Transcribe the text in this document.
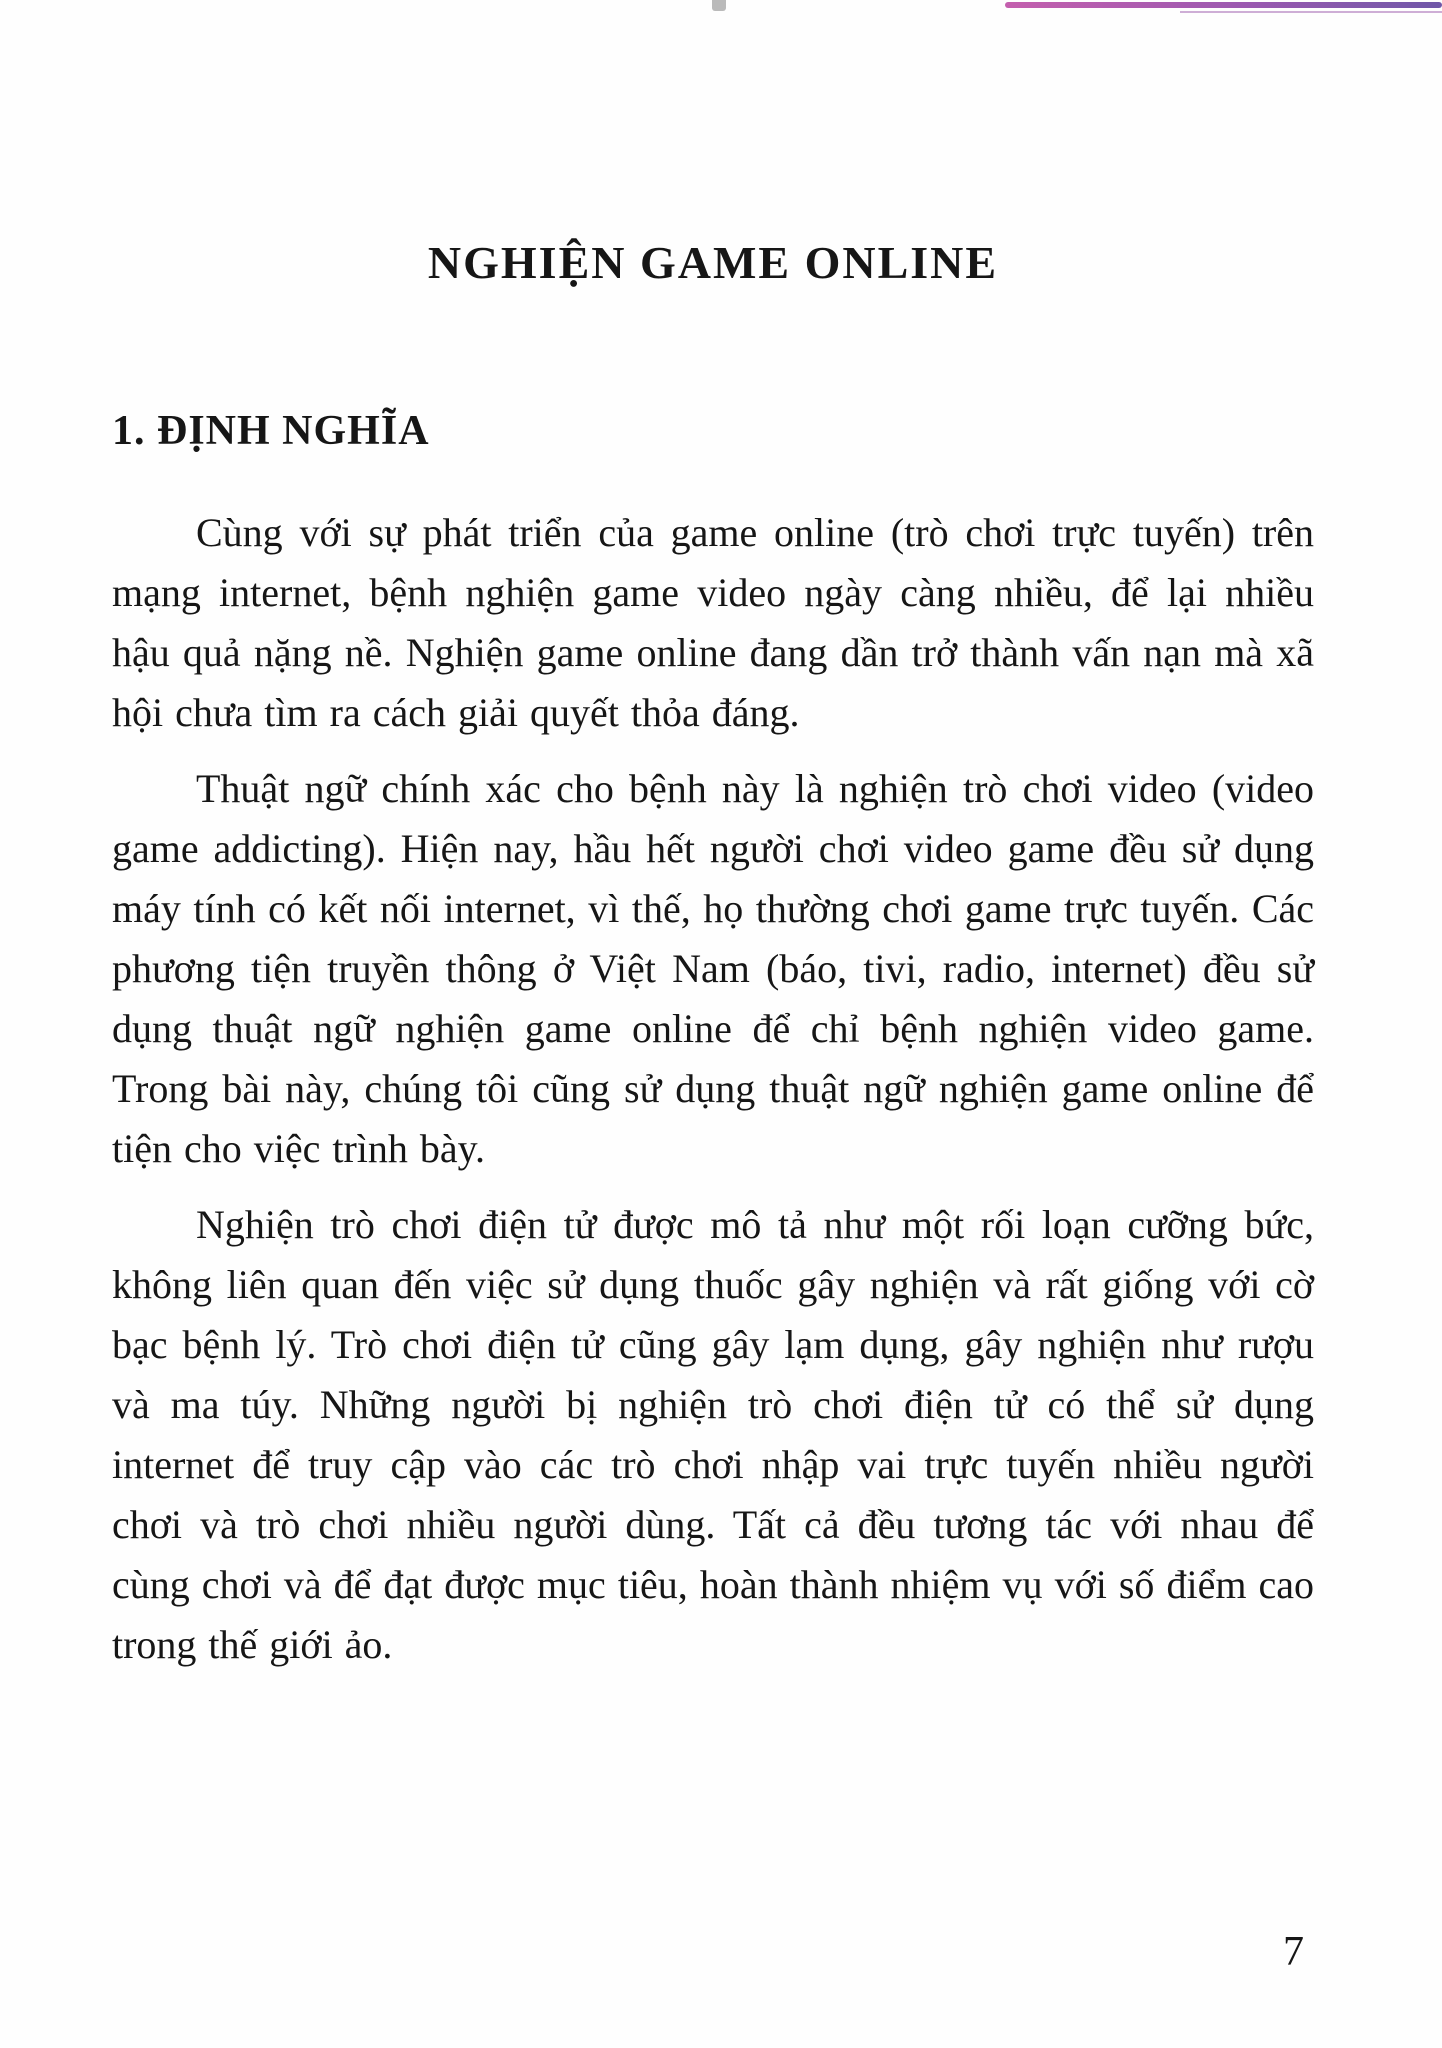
NGHIỆN GAME ONLINE
1. ĐỊNH NGHĨA

Cùng với sự phát triển của game online (trò chơi trực tuyến) trên mạng internet, bệnh nghiện game video ngày càng nhiều, để lại nhiều hậu quả nặng nề. Nghiện game online đang dần trở thành vấn nạn mà xã hội chưa tìm ra cách giải quyết thỏa đáng.

Thuật ngữ chính xác cho bệnh này là nghiện trò chơi video (video game addicting). Hiện nay, hầu hết người chơi video game đều sử dụng máy tính có kết nối internet, vì thế, họ thường chơi game trực tuyến. Các phương tiện truyền thông ở Việt Nam (báo, tivi, radio, internet) đều sử dụng thuật ngữ nghiện game online để chỉ bệnh nghiện video game. Trong bài này, chúng tôi cũng sử dụng thuật ngữ nghiện game online để tiện cho việc trình bày.

Nghiện trò chơi điện tử được mô tả như một rối loạn cưỡng bức, không liên quan đến việc sử dụng thuốc gây nghiện và rất giống với cờ bạc bệnh lý. Trò chơi điện tử cũng gây lạm dụng, gây nghiện như rượu và ma túy. Những người bị nghiện trò chơi điện tử có thể sử dụng internet để truy cập vào các trò chơi nhập vai trực tuyến nhiều người chơi và trò chơi nhiều người dùng. Tất cả đều tương tác với nhau để cùng chơi và để đạt được mục tiêu, hoàn thành nhiệm vụ với số điểm cao trong thế giới ảo.

7
